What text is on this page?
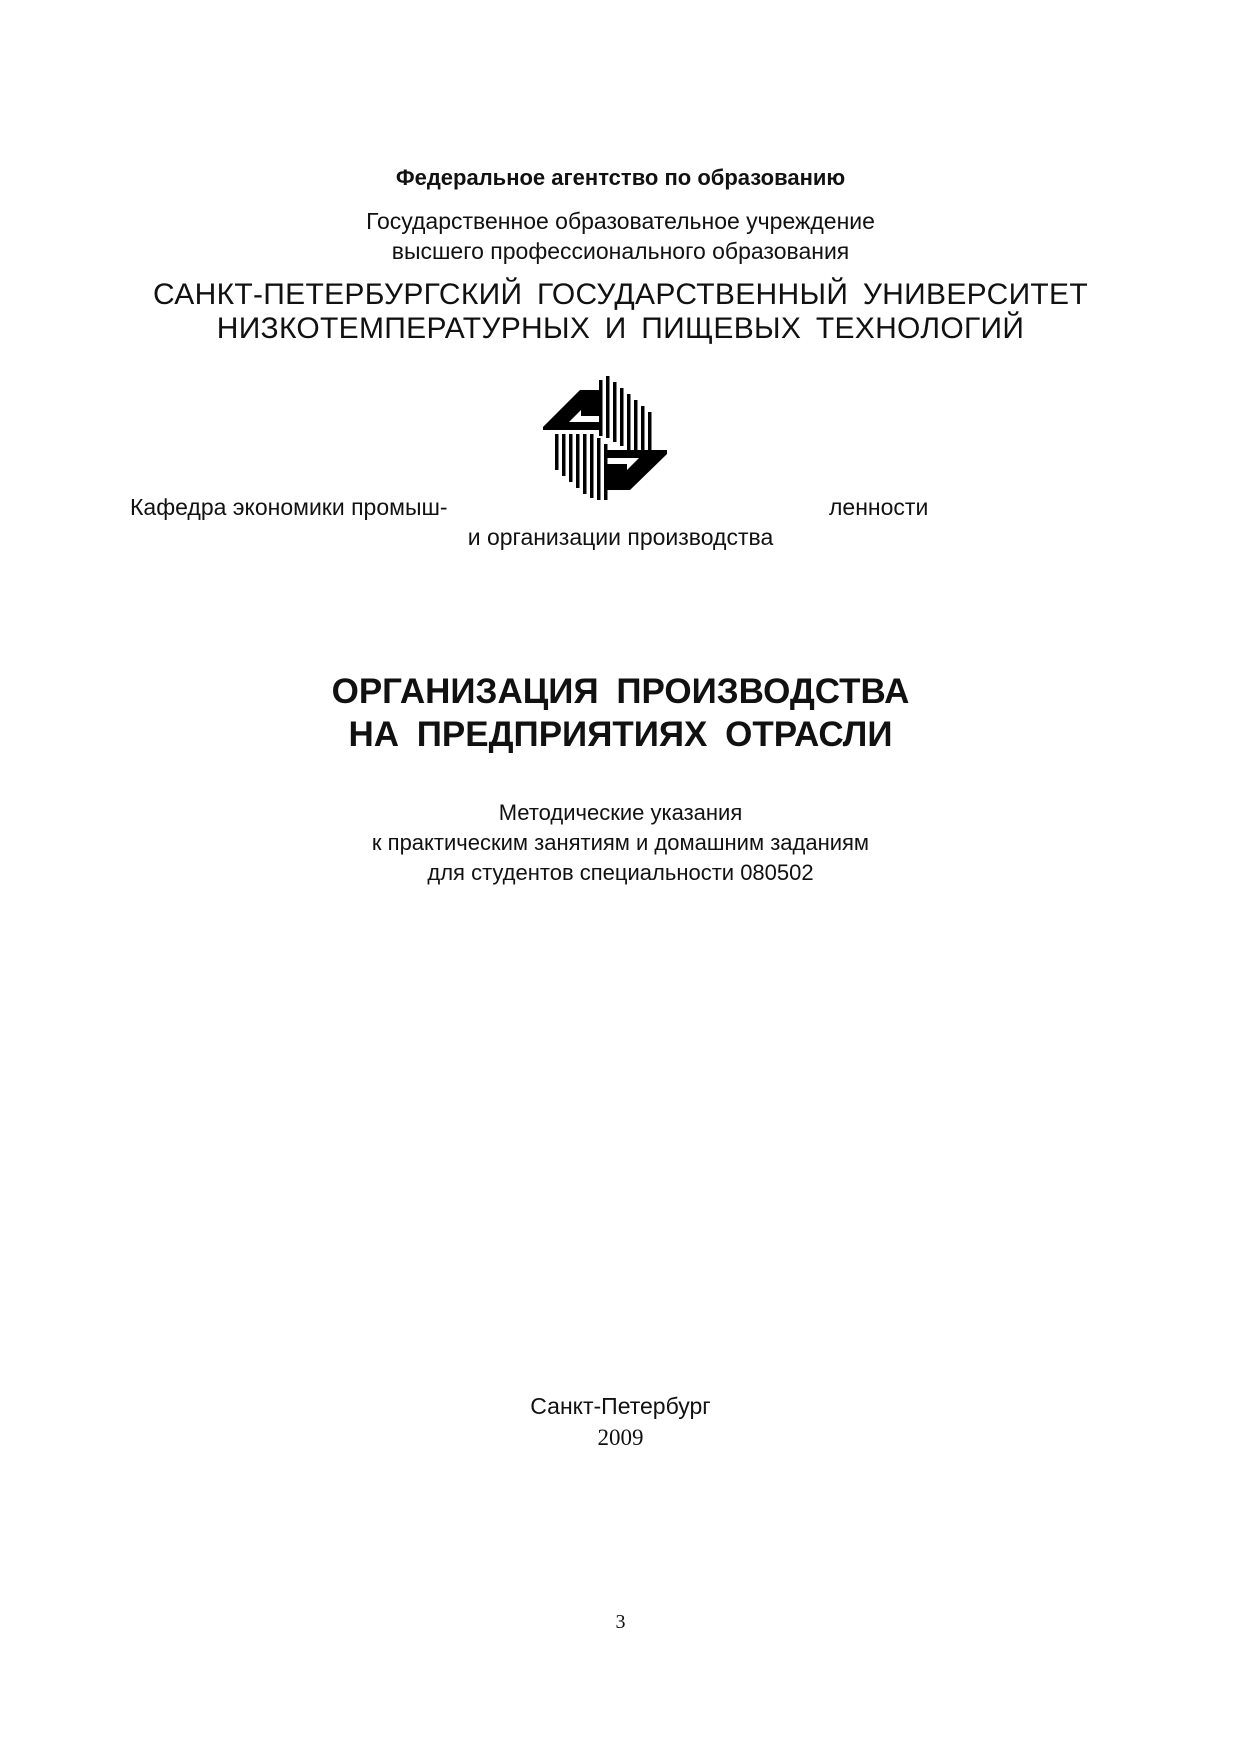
Федеральное агентство по образованию
Государственное образовательное учреждение
высшего профессионального образования
САНКТ-ПЕТЕРБУРГСКИЙ ГОСУДАРСТВЕННЫЙ УНИВЕРСИТЕТ
НИЗКОТЕМПЕРАТУРНЫХ И ПИЩЕВЫХ ТЕХНОЛОГИЙ
Кафедра экономики промыш-	ленности
и организации производства
ОРГАНИЗАЦИЯ ПРОИЗВОДСТВА
НА ПРЕДПРИЯТИЯХ ОТРАСЛИ
Методические указания
к практическим занятиям и домашним заданиям
для студентов специальности 080502
Санкт-Петербург
2009
3
